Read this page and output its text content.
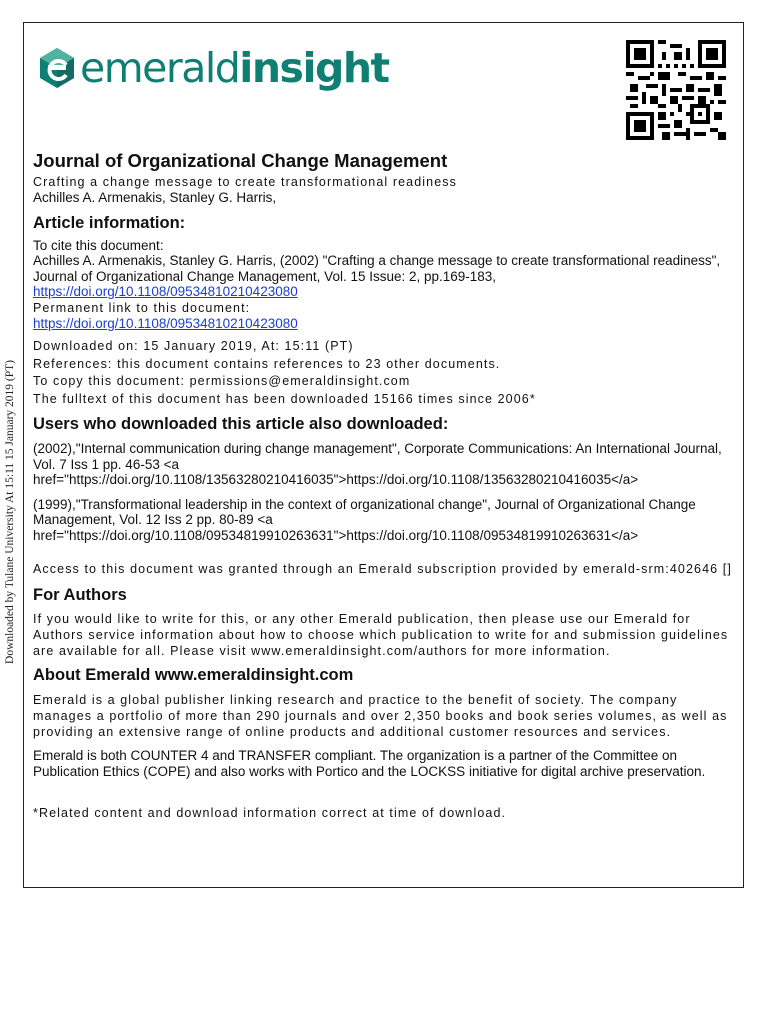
Downloaded by Tulane University At 15:11 15 January 2019 (PT)
emeraldinsight
Journal of Organizational Change Management
Crafting a change message to create transformational readiness
Achilles A. Armenakis, Stanley G. Harris,
Article information:
To cite this document:
Achilles A. Armenakis, Stanley G. Harris, (2002) "Crafting a change message to create transformational readiness", Journal of Organizational Change Management, Vol. 15 Issue: 2, pp.169-183, https://doi.org/10.1108/09534810210423080
Permanent link to this document:
https://doi.org/10.1108/09534810210423080
Downloaded on: 15 January 2019, At: 15:11 (PT)
References: this document contains references to 23 other documents.
To copy this document: permissions@emeraldinsight.com
The fulltext of this document has been downloaded 15166 times since 2006*
Users who downloaded this article also downloaded:
(2002),"Internal communication during change management", Corporate Communications: An International Journal, Vol. 7 Iss 1 pp. 46-53 <a href="https://doi.org/10.1108/13563280210416035">https://doi.org/10.1108/13563280210416035</a>
(1999),"Transformational leadership in the context of organizational change", Journal of Organizational Change Management, Vol. 12 Iss 2 pp. 80-89 <a href="https://doi.org/10.1108/09534819910263631">https://doi.org/10.1108/09534819910263631</a>
Access to this document was granted through an Emerald subscription provided by emerald-srm:402646 []
For Authors
If you would like to write for this, or any other Emerald publication, then please use our Emerald for Authors service information about how to choose which publication to write for and submission guidelines are available for all. Please visit www.emeraldinsight.com/authors for more information.
About Emerald www.emeraldinsight.com
Emerald is a global publisher linking research and practice to the benefit of society. The company manages a portfolio of more than 290 journals and over 2,350 books and book series volumes, as well as providing an extensive range of online products and additional customer resources and services.
Emerald is both COUNTER 4 and TRANSFER compliant. The organization is a partner of the Committee on Publication Ethics (COPE) and also works with Portico and the LOCKSS initiative for digital archive preservation.
*Related content and download information correct at time of download.
